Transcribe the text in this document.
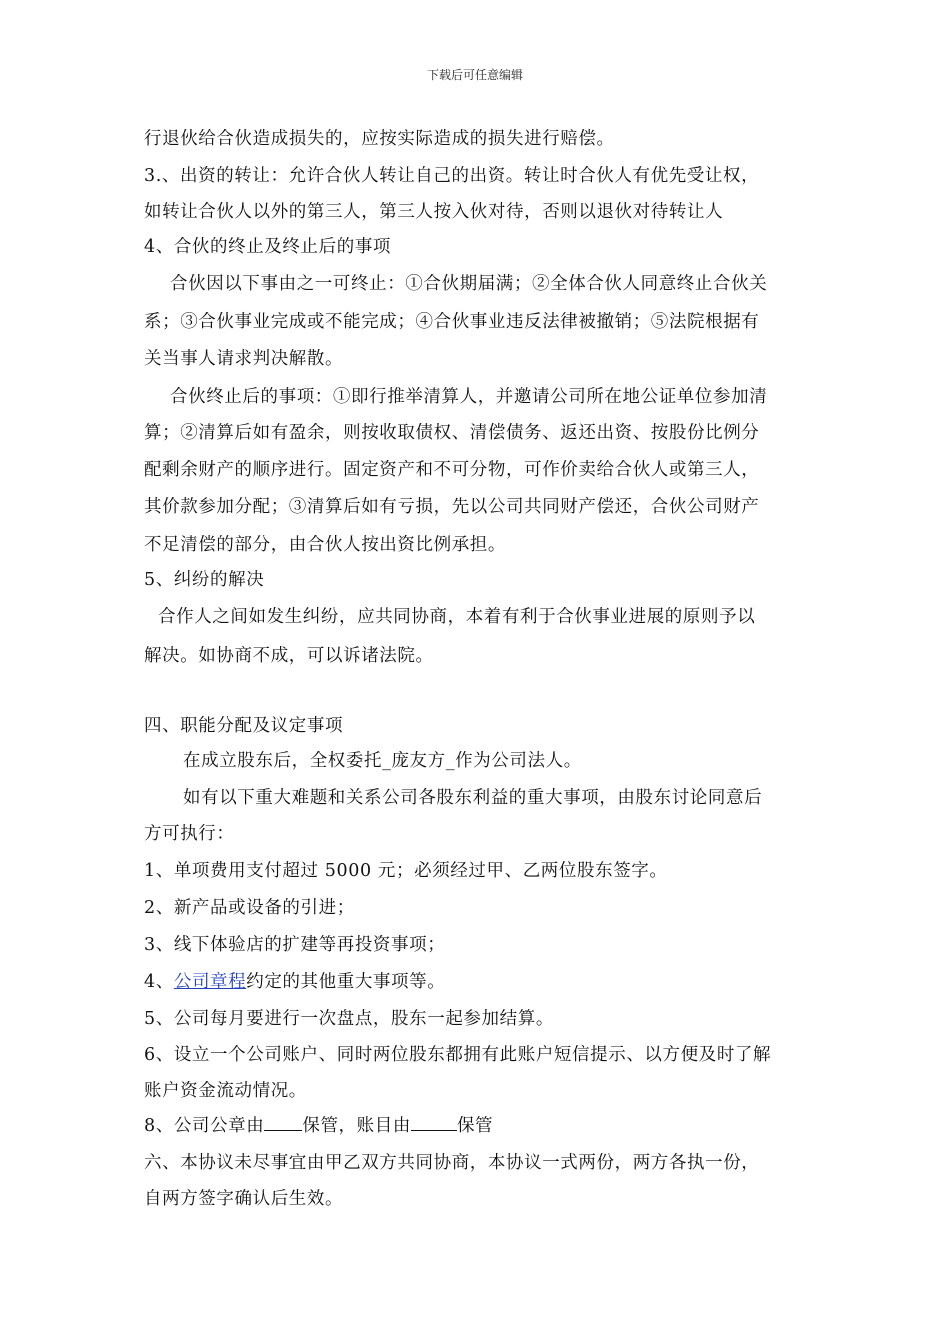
下载后可任意编辑
行退伙给合伙造成损失的，应按实际造成的损失进行赔偿。
3.、出资的转让：允许合伙人转让自己的出资。转让时合伙人有优先受让权，
如转让合伙人以外的第三人，第三人按入伙对待，否则以退伙对待转让人
4、合伙的终止及终止后的事项
合伙因以下事由之一可终止：①合伙期届满；②全体合伙人同意终止合伙关
系；③合伙事业完成或不能完成；④合伙事业违反法律被撤销；⑤法院根据有
关当事人请求判决解散。
合伙终止后的事项：①即行推举清算人，并邀请公司所在地公证单位参加清
算；②清算后如有盈余，则按收取债权、清偿债务、返还出资、按股份比例分
配剩余财产的顺序进行。固定资产和不可分物，可作价卖给合伙人或第三人，
其价款参加分配；③清算后如有亏损，先以公司共同财产偿还，合伙公司财产
不足清偿的部分，由合伙人按出资比例承担。
5、纠纷的解决
合作人之间如发生纠纷，应共同协商，本着有利于合伙事业进展的原则予以
解决。如协商不成，可以诉诸法院。
四、职能分配及议定事项
在成立股东后，全权委托_庞友方_作为公司法人。
如有以下重大难题和关系公司各股东利益的重大事项，由股东讨论同意后
方可执行：
1、单项费用支付超过 5000 元；必须经过甲、乙两位股东签字。
2、新产品或设备的引进；
3、线下体验店的扩建等再投资事项；
4、公司章程约定的其他重大事项等。
5、公司每月要进行一次盘点，股东一起参加结算。
6、设立一个公司账户、同时两位股东都拥有此账户短信提示、以方便及时了解
账户资金流动情况。
8、公司公章由 保管，账目由	保管
六、本协议未尽事宜由甲乙双方共同协商，本协议一式两份，两方各执一份，
自两方签字确认后生效。
